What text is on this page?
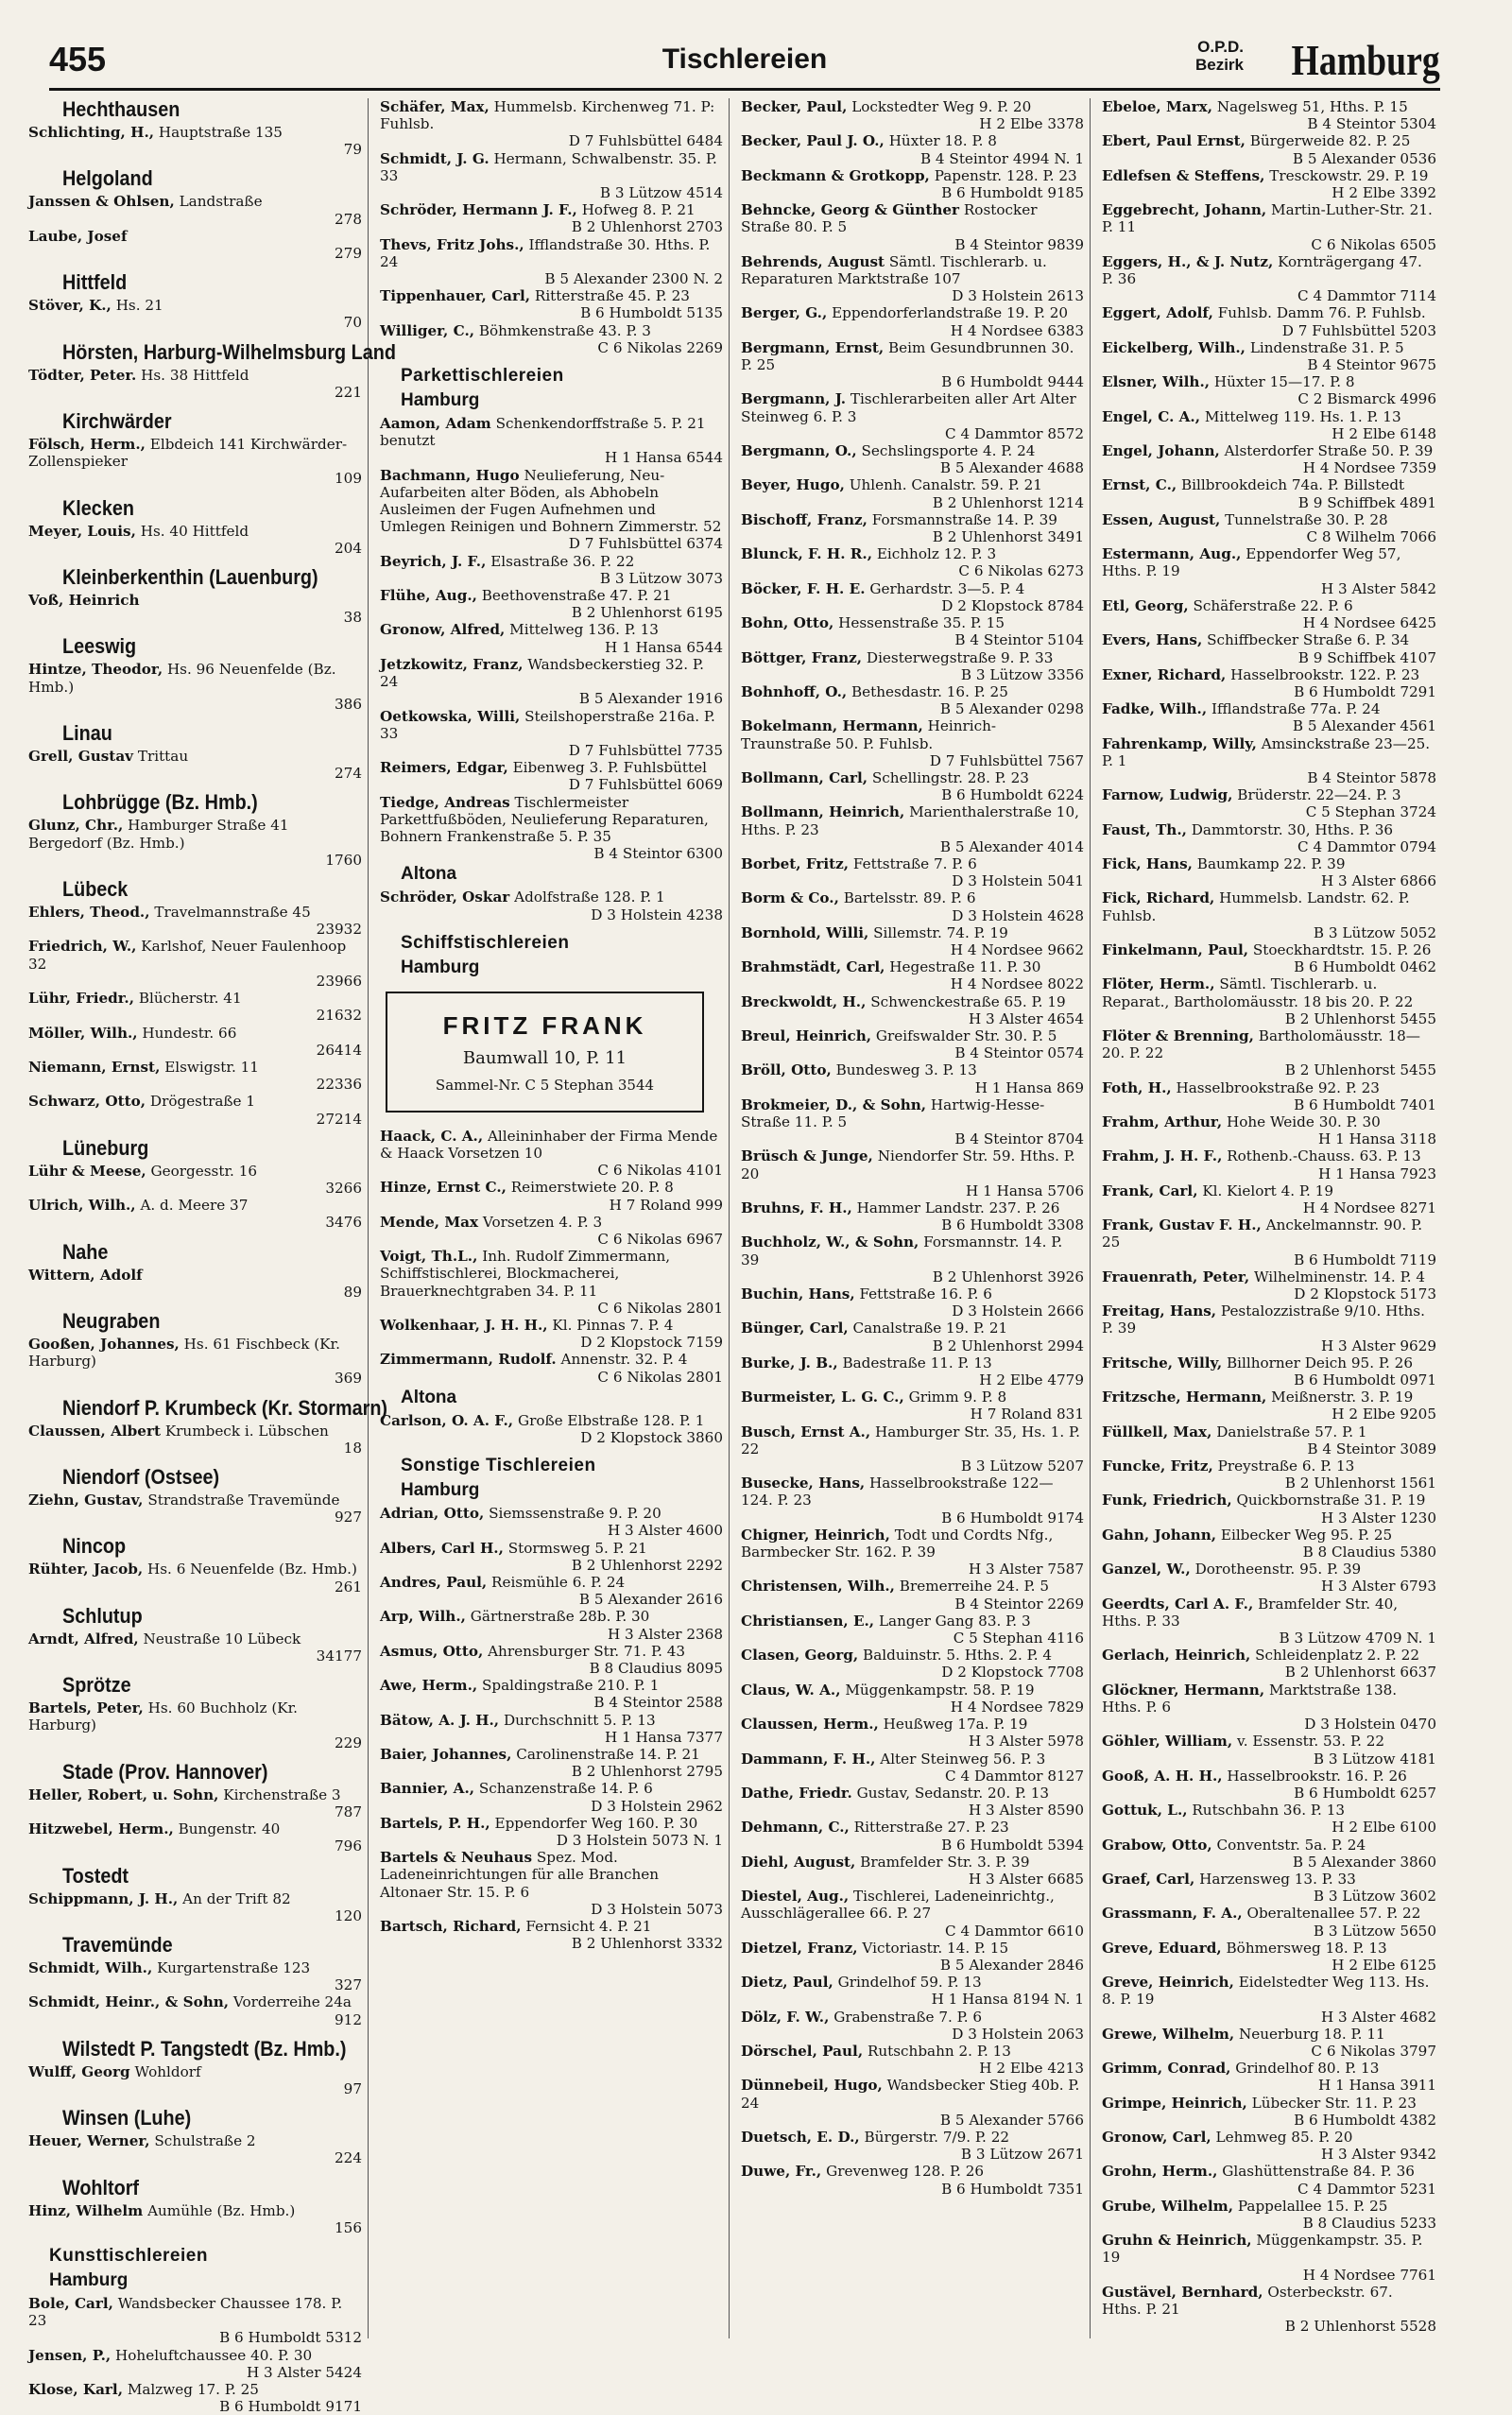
455	Tischlereien	O.P.D.
Bezirk Hamburg
Hechthausen
Schlichting, H., Hauptstraße 135
79
Helgoland
Janssen & Ohlsen, Landstraße
278
Laube, Josef
279
Hittfeld
Stöver, K., Hs. 21
70
Hörsten, Harburg-Wilhelmsburg Land
Tödter, Peter. Hs. 38 Hittfeld
221
Kirchwärder
Fölsch, Herm., Elbdeich 141 Kirchwärder-Zollenspieker
109
Klecken
Meyer, Louis, Hs. 40 Hittfeld
204
Kleinberkenthin (Lauenburg)
Voß, Heinrich
38
Leeswig
Hintze, Theodor, Hs. 96 Neuenfelde (Bz. Hmb.)
386
Linau
Grell, Gustav Trittau
274
Lohbrügge (Bz. Hmb.)
Glunz, Chr., Hamburger Straße 41 Bergedorf (Bz. Hmb.)
1760
Lübeck
Ehlers, Theod., Travelmannstraße 45
23932
Friedrich, W., Karlshof, Neuer Faulenhoop 32
23966
Lühr, Friedr., Blücherstr. 41
21632
Möller, Wilh., Hundestr. 66
26414
Niemann, Ernst, Elswigstr. 11
22336
Schwarz, Otto, Drögestraße 1
27214
Lüneburg
Lühr & Meese, Georgesstr. 16
3266
Ulrich, Wilh., A. d. Meere 37
3476
Nahe
Wittern, Adolf
89
Neugraben
Gooßen, Johannes, Hs. 61 Fischbeck (Kr. Harburg)
369
Niendorf P. Krumbeck (Kr. Stormarn)
Claussen, Albert Krumbeck i. Lübschen
18
Niendorf (Ostsee)
Ziehn, Gustav, Strandstraße Travemünde
927
Nincop
Rühter, Jacob, Hs. 6 Neuenfelde (Bz. Hmb.)
261
Schlutup
Arndt, Alfred, Neustraße 10 Lübeck
34177
Sprötze
Bartels, Peter, Hs. 60 Buchholz (Kr. Harburg)
229
Stade (Prov. Hannover)
Heller, Robert, u. Sohn, Kirchenstraße 3
787
Hitzwebel, Herm., Bungenstr. 40
796
Tostedt
Schippmann, J. H., An der Trift 82
120
Travemünde
Schmidt, Wilh., Kurgartenstraße 123
327
Schmidt, Heinr., & Sohn, Vorderreihe 24a
912
Wilstedt P. Tangstedt (Bz. Hmb.)
Wulff, Georg Wohldorf
97
Winsen (Luhe)
Heuer, Werner, Schulstraße 2
224
Wohltorf
Hinz, Wilhelm Aumühle (Bz. Hmb.)
156
Kunsttischlereien
Hamburg
Bole, Carl, Wandsbecker Chaussee 178. P. 23
B 6 Humboldt 5312
Jensen, P., Hoheluftchaussee 40. P. 30
H 3 Alster 5424
Klose, Karl, Malzweg 17. P. 25
B 6 Humboldt 9171
Schäfer, Max, Hummelsb. Kirchenweg 71. P: Fuhlsb.
D 7 Fuhlsbüttel 6484
Schmidt, J. G. Hermann, Schwalbenstr. 35. P. 33
B 3 Lützow 4514
Schröder, Hermann J. F., Hofweg 8. P. 21
B 2 Uhlenhorst 2703
Thevs, Fritz Johs., Ifflandstraße 30. Hths. P. 24
B 5 Alexander 2300 N. 2
Tippenhauer, Carl, Ritterstraße 45. P. 23
B 6 Humboldt 5135
Williger, C., Böhmkenstraße 43. P. 3
C 6 Nikolas 2269
Parkettischlereien
Hamburg
Aamon, Adam Schenkendorffstraße 5. P. 21 benutzt
H 1 Hansa 6544
Bachmann, Hugo Neulieferung, Neu-Aufarbeiten alter Böden, als Abhobeln Ausleimen der Fugen Aufnehmen und Umlegen Reinigen und Bohnern Zimmerstr. 52
D 7 Fuhlsbüttel 6374
Beyrich, J. F., Elsastraße 36. P. 22
B 3 Lützow 3073
Flühe, Aug., Beethovenstraße 47. P. 21
B 2 Uhlenhorst 6195
Gronow, Alfred, Mittelweg 136. P. 13
H 1 Hansa 6544
Jetzkowitz, Franz, Wandsbeckerstieg 32. P. 24
B 5 Alexander 1916
Oetkowska, Willi, Steilshoperstraße 216a. P. 33
D 7 Fuhlsbüttel 7735
Reimers, Edgar, Eibenweg 3. P. Fuhlsbüttel
D 7 Fuhlsbüttel 6069
Tiedge, Andreas Tischlermeister Parkettfußböden, Neulieferung Reparaturen, Bohnern Frankenstraße 5. P. 35
B 4 Steintor 6300
Altona
Schröder, Oskar Adolfstraße 128. P. 1
D 3 Holstein 4238
Schiffstischlereien
Hamburg
FRITZ FRANK
Baumwall 10, P. 11
Sammel-Nr. C 5 Stephan 3544
Haack, C. A., Alleininhaber der Firma Mende & Haack Vorsetzen 10
C 6 Nikolas 4101
Hinze, Ernst C., Reimerstwiete 20. P. 8
H 7 Roland 999
Mende, Max Vorsetzen 4. P. 3
C 6 Nikolas 6967
Voigt, Th.L., Inh. Rudolf Zimmermann, Schiffstischlerei, Blockmacherei, Brauerknechtgraben 34. P. 11
C 6 Nikolas 2801
Wolkenhaar, J. H. H., Kl. Pinnas 7. P. 4
D 2 Klopstock 7159
Zimmermann, Rudolf. Annenstr. 32. P. 4
C 6 Nikolas 2801
Altona
Carlson, O. A. F., Große Elbstraße 128. P. 1
D 2 Klopstock 3860
Sonstige Tischlereien
Hamburg
Adrian, Otto, Siemssenstraße 9. P. 20
H 3 Alster 4600
Albers, Carl H., Stormsweg 5. P. 21
B 2 Uhlenhorst 2292
Andres, Paul, Reismühle 6. P. 24
B 5 Alexander 2616
Arp, Wilh., Gärtnerstraße 28b. P. 30
H 3 Alster 2368
Asmus, Otto, Ahrensburger Str. 71. P. 43
B 8 Claudius 8095
Awe, Herm., Spaldingstraße 210. P. 1
B 4 Steintor 2588
Bätow, A. J. H., Durchschnitt 5. P. 13
H 1 Hansa 7377
Baier, Johannes, Carolinenstraße 14. P. 21
B 2 Uhlenhorst 2795
Bannier, A., Schanzenstraße 14. P. 6
D 3 Holstein 2962
Bartels, P. H., Eppendorfer Weg 160. P. 30
D 3 Holstein 5073 N. 1
Bartels & Neuhaus Spez. Mod. Ladeneinrichtungen für alle Branchen Altonaer Str. 15. P. 6
D 3 Holstein 5073
Bartsch, Richard, Fernsicht 4. P. 21
B 2 Uhlenhorst 3332
Becker, Paul, Lockstedter Weg 9. P. 20
H 2 Elbe 3378
Becker, Paul J. O., Hüxter 18. P. 8
B 4 Steintor 4994 N. 1
Beckmann & Grotkopp, Papenstr. 128. P. 23
B 6 Humboldt 9185
Behncke, Georg & Günther Rostocker Straße 80. P. 5
B 4 Steintor 9839
Behrends, August Sämtl. Tischlerarb. u. Reparaturen Marktstraße 107
D 3 Holstein 2613
Berger, G., Eppendorferlandstraße 19. P. 20
H 4 Nordsee 6383
Bergmann, Ernst, Beim Gesundbrunnen 30. P. 25
B 6 Humboldt 9444
Bergmann, J. Tischlerarbeiten aller Art Alter Steinweg 6. P. 3
C 4 Dammtor 8572
Bergmann, O., Sechslingsporte 4. P. 24
B 5 Alexander 4688
Beyer, Hugo, Uhlenh. Canalstr. 59. P. 21
B 2 Uhlenhorst 1214
Bischoff, Franz, Forsmannstraße 14. P. 39
B 2 Uhlenhorst 3491
Blunck, F. H. R., Eichholz 12. P. 3
C 6 Nikolas 6273
Böcker, F. H. E. Gerhardstr. 3—5. P. 4
D 2 Klopstock 8784
Bohn, Otto, Hessenstraße 35. P. 15
B 4 Steintor 5104
Böttger, Franz, Diesterwegstraße 9. P. 33
B 3 Lützow 3356
Bohnhoff, O., Bethesdastr. 16. P. 25
B 5 Alexander 0298
Bokelmann, Hermann, Heinrich-Traunstraße 50. P. Fuhlsb.
D 7 Fuhlsbüttel 7567
Bollmann, Carl, Schellingstr. 28. P. 23
B 6 Humboldt 6224
Bollmann, Heinrich, Marienthalerstraße 10, Hths. P. 23
B 5 Alexander 4014
Borbet, Fritz, Fettstraße 7. P. 6
D 3 Holstein 5041
Borm & Co., Bartelsstr. 89. P. 6
D 3 Holstein 4628
Bornhold, Willi, Sillemstr. 74. P. 19
H 4 Nordsee 9662
Brahmstädt, Carl, Hegestraße 11. P. 30
H 4 Nordsee 8022
Breckwoldt, H., Schwenckestraße 65. P. 19
H 3 Alster 4654
Breul, Heinrich, Greifswalder Str. 30. P. 5
B 4 Steintor 0574
Bröll, Otto, Bundesweg 3. P. 13
H 1 Hansa 869
Brokmeier, D., & Sohn, Hartwig-Hesse-Straße 11. P. 5
B 4 Steintor 8704
Brüsch & Junge, Niendorfer Str. 59. Hths. P. 20
H 1 Hansa 5706
Bruhns, F. H., Hammer Landstr. 237. P. 26
B 6 Humboldt 3308
Buchholz, W., & Sohn, Forsmannstr. 14. P. 39
B 2 Uhlenhorst 3926
Buchin, Hans, Fettstraße 16. P. 6
D 3 Holstein 2666
Bünger, Carl, Canalstraße 19. P. 21
B 2 Uhlenhorst 2994
Burke, J. B., Badestraße 11. P. 13
H 2 Elbe 4779
Burmeister, L. G. C., Grimm 9. P. 8
H 7 Roland 831
Busch, Ernst A., Hamburger Str. 35, Hs. 1. P. 22
B 3 Lützow 5207
Busecke, Hans, Hasselbrookstraße 122—124. P. 23
B 6 Humboldt 9174
Chigner, Heinrich, Todt und Cordts Nfg., Barmbecker Str. 162. P. 39
H 3 Alster 7587
Christensen, Wilh., Bremerreihe 24. P. 5
B 4 Steintor 2269
Christiansen, E., Langer Gang 83. P. 3
C 5 Stephan 4116
Clasen, Georg, Balduinstr. 5. Hths. 2. P. 4
D 2 Klopstock 7708
Claus, W. A., Müggenkampstr. 58. P. 19
H 4 Nordsee 7829
Claussen, Herm., Heußweg 17a. P. 19
H 3 Alster 5978
Dammann, F. H., Alter Steinweg 56. P. 3
C 4 Dammtor 8127
Dathe, Friedr. Gustav, Sedanstr. 20. P. 13
H 3 Alster 8590
Dehmann, C., Ritterstraße 27. P. 23
B 6 Humboldt 5394
Diehl, August, Bramfelder Str. 3. P. 39
H 3 Alster 6685
Diestel, Aug., Tischlerei, Ladeneinrichtg., Ausschlägerallee 66. P. 27
C 4 Dammtor 6610
Dietzel, Franz, Victoriastr. 14. P. 15
B 5 Alexander 2846
Dietz, Paul, Grindelhof 59. P. 13
H 1 Hansa 8194 N. 1
Dölz, F. W., Grabenstraße 7. P. 6
D 3 Holstein 2063
Dörschel, Paul, Rutschbahn 2. P. 13
H 2 Elbe 4213
Dünnebeil, Hugo, Wandsbecker Stieg 40b. P. 24
B 5 Alexander 5766
Duetsch, E. D., Bürgerstr. 7/9. P. 22
B 3 Lützow 2671
Duwe, Fr., Grevenweg 128. P. 26
B 6 Humboldt 7351
Ebeloe, Marx, Nagelsweg 51, Hths. P. 15
B 4 Steintor 5304
Ebert, Paul Ernst, Bürgerweide 82. P. 25
B 5 Alexander 0536
Edlefsen & Steffens, Tresckowstr. 29. P. 19
H 2 Elbe 3392
Eggebrecht, Johann, Martin-Luther-Str. 21. P. 11
C 6 Nikolas 6505
Eggers, H., & J. Nutz, Kornträgergang 47. P. 36
C 4 Dammtor 7114
Eggert, Adolf, Fuhlsb. Damm 76. P. Fuhlsb.
D 7 Fuhlsbüttel 5203
Eickelberg, Wilh., Lindenstraße 31. P. 5
B 4 Steintor 9675
Elsner, Wilh., Hüxter 15—17. P. 8
C 2 Bismarck 4996
Engel, C. A., Mittelweg 119. Hs. 1. P. 13
H 2 Elbe 6148
Engel, Johann, Alsterdorfer Straße 50. P. 39
H 4 Nordsee 7359
Ernst, C., Billbrookdeich 74a. P. Billstedt
B 9 Schiffbek 4891
Essen, August, Tunnelstraße 30. P. 28
C 8 Wilhelm 7066
Estermann, Aug., Eppendorfer Weg 57, Hths. P. 19
H 3 Alster 5842
Etl, Georg, Schäferstraße 22. P. 6
H 4 Nordsee 6425
Evers, Hans, Schiffbecker Straße 6. P. 34
B 9 Schiffbek 4107
Exner, Richard, Hasselbrookstr. 122. P. 23
B 6 Humboldt 7291
Fadke, Wilh., Ifflandstraße 77a. P. 24
B 5 Alexander 4561
Fahrenkamp, Willy, Amsinckstraße 23—25. P. 1
B 4 Steintor 5878
Farnow, Ludwig, Brüderstr. 22—24. P. 3
C 5 Stephan 3724
Faust, Th., Dammtorstr. 30, Hths. P. 36
C 4 Dammtor 0794
Fick, Hans, Baumkamp 22. P. 39
H 3 Alster 6866
Fick, Richard, Hummelsb. Landstr. 62. P. Fuhlsb.
B 3 Lützow 5052
Finkelmann, Paul, Stoeckhardtstr. 15. P. 26
B 6 Humboldt 0462
Flöter, Herm., Sämtl. Tischlerarb. u. Reparat., Bartholomäusstr. 18 bis 20. P. 22
B 2 Uhlenhorst 5455
Flöter & Brenning, Bartholomäusstr. 18—20. P. 22
B 2 Uhlenhorst 5455
Foth, H., Hasselbrookstraße 92. P. 23
B 6 Humboldt 7401
Frahm, Arthur, Hohe Weide 30. P. 30
H 1 Hansa 3118
Frahm, J. H. F., Rothenb.-Chauss. 63. P. 13
H 1 Hansa 7923
Frank, Carl, Kl. Kielort 4. P. 19
H 4 Nordsee 8271
Frank, Gustav F. H., Anckelmannstr. 90. P. 25
B 6 Humboldt 7119
Frauenrath, Peter, Wilhelminenstr. 14. P. 4
D 2 Klopstock 5173
Freitag, Hans, Pestalozzistraße 9/10. Hths. P. 39
H 3 Alster 9629
Fritsche, Willy, Billhorner Deich 95. P. 26
B 6 Humboldt 0971
Fritzsche, Hermann, Meißnerstr. 3. P. 19
H 2 Elbe 9205
Füllkell, Max, Danielstraße 57. P. 1
B 4 Steintor 3089
Funcke, Fritz, Preystraße 6. P. 13
B 2 Uhlenhorst 1561
Funk, Friedrich, Quickbornstraße 31. P. 19
H 3 Alster 1230
Gahn, Johann, Eilbecker Weg 95. P. 25
B 8 Claudius 5380
Ganzel, W., Dorotheenstr. 95. P. 39
H 3 Alster 6793
Geerdts, Carl A. F., Bramfelder Str. 40, Hths. P. 33
B 3 Lützow 4709 N. 1
Gerlach, Heinrich, Schleidenplatz 2. P. 22
B 2 Uhlenhorst 6637
Glöckner, Hermann, Marktstraße 138. Hths. P. 6
D 3 Holstein 0470
Göhler, William, v. Essenstr. 53. P. 22
B 3 Lützow 4181
Gooß, A. H. H., Hasselbrookstr. 16. P. 26
B 6 Humboldt 6257
Gottuk, L., Rutschbahn 36. P. 13
H 2 Elbe 6100
Grabow, Otto, Conventstr. 5a. P. 24
B 5 Alexander 3860
Graef, Carl, Harzensweg 13. P. 33
B 3 Lützow 3602
Grassmann, F. A., Oberaltenallee 57. P. 22
B 3 Lützow 5650
Greve, Eduard, Böhmersweg 18. P. 13
H 2 Elbe 6125
Greve, Heinrich, Eidelstedter Weg 113. Hs. 8. P. 19
H 3 Alster 4682
Grewe, Wilhelm, Neuerburg 18. P. 11
C 6 Nikolas 3797
Grimm, Conrad, Grindelhof 80. P. 13
H 1 Hansa 3911
Grimpe, Heinrich, Lübecker Str. 11. P. 23
B 6 Humboldt 4382
Gronow, Carl, Lehmweg 85. P. 20
H 3 Alster 9342
Grohn, Herm., Glashüttenstraße 84. P. 36
C 4 Dammtor 5231
Grube, Wilhelm, Pappelallee 15. P. 25
B 8 Claudius 5233
Gruhn & Heinrich, Müggenkampstr. 35. P. 19
H 4 Nordsee 7761
Gustävel, Bernhard, Osterbeckstr. 67. Hths. P. 21
B 2 Uhlenhorst 5528
